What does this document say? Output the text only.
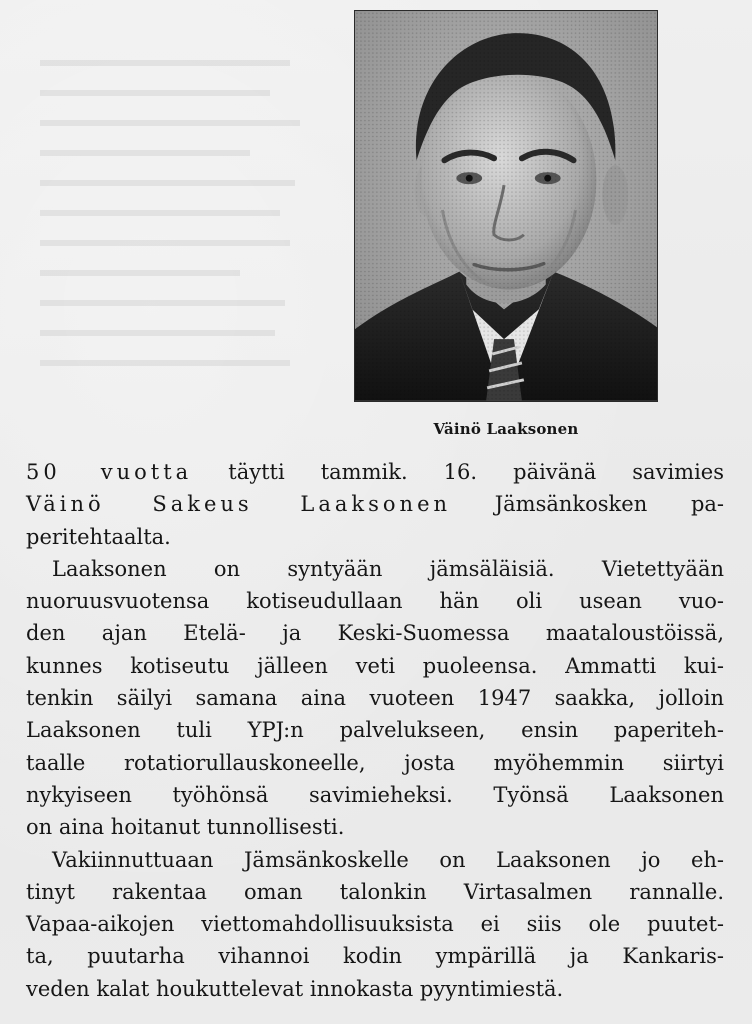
Väinö Laaksonen
50 vuotta täytti tammik. 16. päivänä savimies
Väinö Sakeus Laaksonen Jämsänkosken pa-
peritehtaalta.
Laaksonen on syntyään jämsäläisiä. Vietettyään
nuoruusvuotensa kotiseudullaan hän oli usean vuo-
den ajan Etelä- ja Keski-Suomessa maataloustöissä,
kunnes kotiseutu jälleen veti puoleensa. Ammatti kui-
tenkin säilyi samana aina vuoteen 1947 saakka, jolloin
Laaksonen tuli YPJ:n palvelukseen, ensin paperiteh-
taalle rotatiorullauskoneelle, josta myöhemmin siirtyi
nykyiseen työhönsä savimieheksi. Työnsä Laaksonen
on aina hoitanut tunnollisesti.
Vakiinnuttuaan Jämsänkoskelle on Laaksonen jo eh-
tinyt rakentaa oman talonkin Virtasalmen rannalle.
Vapaa-aikojen viettomahdollisuuksista ei siis ole puutet-
ta, puutarha vihannoi kodin ympärillä ja Kankaris-
veden kalat houkuttelevat innokasta pyyntimiestä.
